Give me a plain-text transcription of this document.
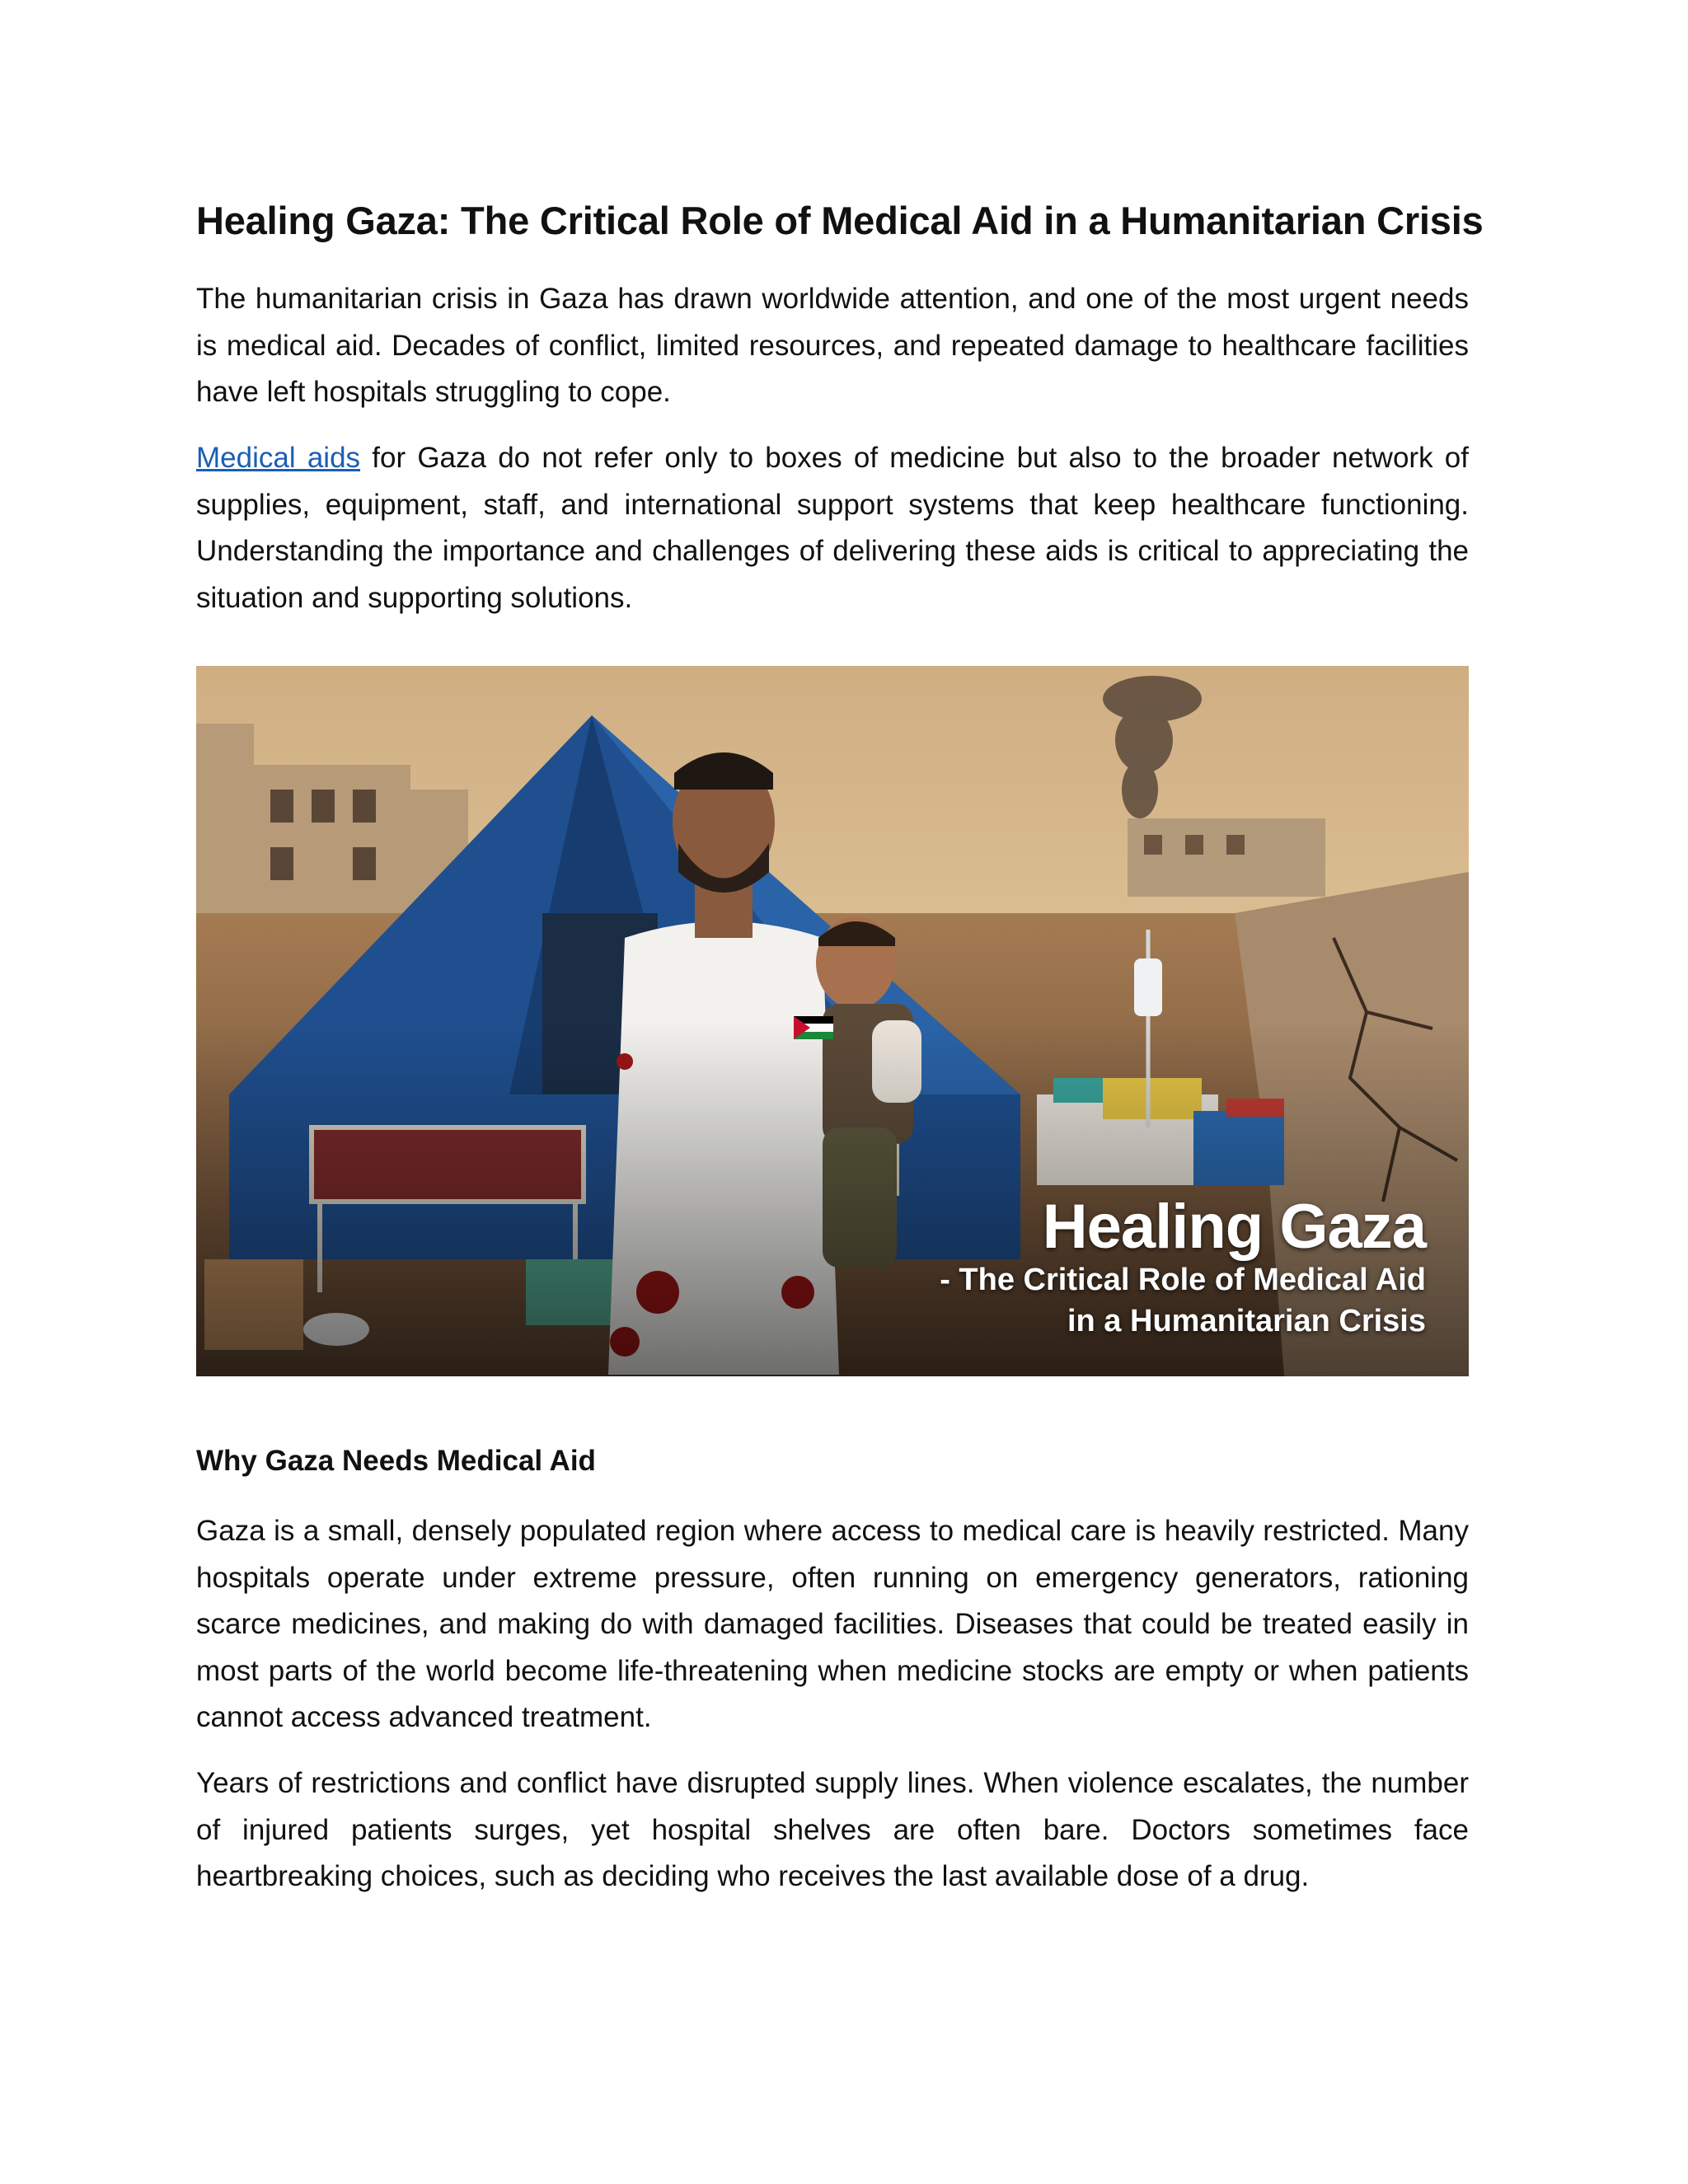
Healing Gaza: The Critical Role of Medical Aid in a Humanitarian Crisis

The humanitarian crisis in Gaza has drawn worldwide attention, and one of the most urgent needs is medical aid. Decades of conflict, limited resources, and repeated damage to healthcare facilities have left hospitals struggling to cope.

Medical aids for Gaza do not refer only to boxes of medicine but also to the broader network of supplies, equipment, staff, and international support systems that keep healthcare functioning. Understanding the importance and challenges of delivering these aids is critical to appreciating the situation and supporting solutions.

Healing Gaza
- The Critical Role of Medical Aid
in a Humanitarian Crisis
Why Gaza Needs Medical Aid

Gaza is a small, densely populated region where access to medical care is heavily restricted. Many hospitals operate under extreme pressure, often running on emergency generators, rationing scarce medicines, and making do with damaged facilities. Diseases that could be treated easily in most parts of the world become life-threatening when medicine stocks are empty or when patients cannot access advanced treatment.

Years of restrictions and conflict have disrupted supply lines. When violence escalates, the number of injured patients surges, yet hospital shelves are often bare. Doctors sometimes face heartbreaking choices, such as deciding who receives the last available dose of a drug.
